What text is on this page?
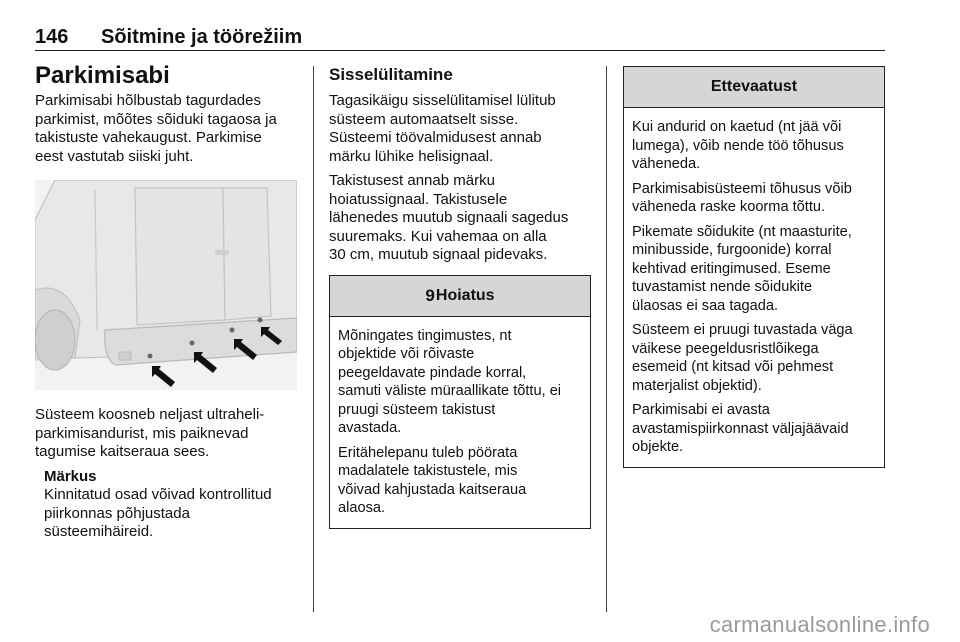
146 Sõitmine ja töörežiim
Parkimisabi

Parkimisabi hõlbustab tagurdades
parkimist, mõõtes sõiduki tagaosa ja
takistuste vahekaugust. Parkimise
eest vastutab siiski juht.

Süsteem koosneb neljast ultraheli-
parkimisandurist, mis paiknevad
tagumise kaitseraua sees.

Märkus

Kinnitatud osad võivad kontrollitud
piirkonnas põhjustada
süsteemihäireid.

Sisselülitamine

Tagasikäigu sisselülitamisel lülitub
süsteem automaatselt sisse.
Süsteemi töövalmidusest annab
märku lühike helisignaal.

Takistusest annab märku
hoiatussignaal. Takistusele
lähenedes muutub signaali sagedus
suuremaks. Kui vahemaa on alla
30 cm, muutub signaal pidevaks.

9 Hoiatus

Mõningates tingimustes, nt
objektide või rõivaste
peegeldavate pindade korral,
samuti väliste müraallikate tõttu, ei
pruugi süsteem takistust
avastada.

Eritähelepanu tuleb pöörata
madalatele takistustele, mis
võivad kahjustada kaitseraua
alaosa.

Ettevaatust

Kui andurid on kaetud (nt jää või
lumega), võib nende töö tõhusus
väheneda.

Parkimisabisüsteemi tõhusus võib
väheneda raske koorma tõttu.

Pikemate sõidukite (nt maasturite,
minibusside, furgoonide) korral
kehtivad eritingimused. Eseme
tuvastamist nende sõidukite
ülaosas ei saa tagada.

Süsteem ei pruugi tuvastada väga
väikese peegeldusristlõikega
esemeid (nt kitsad või pehmest
materjalist objektid).

Parkimisabi ei avasta
avastamispiirkonnast väljajäävaid
objekte.

carmanualsonline.info
